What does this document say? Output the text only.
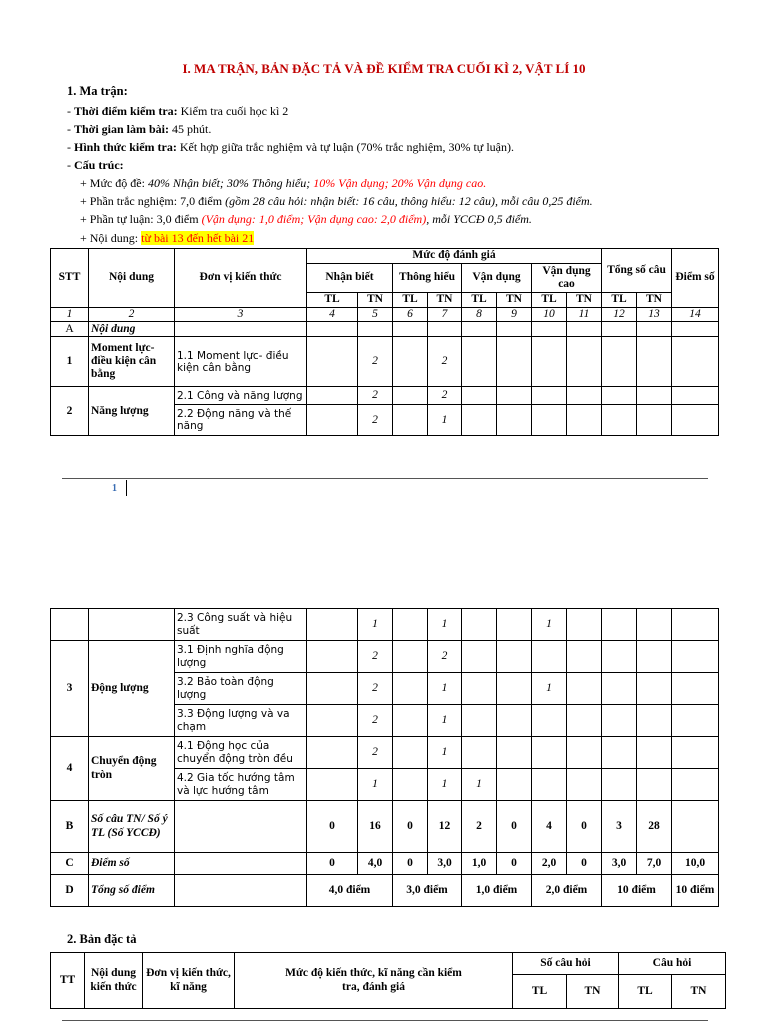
I. MA TRẬN, BẢN ĐẶC TẢ VÀ ĐỀ KIỂM TRA CUỐI KÌ 2, VẬT LÍ 10
1. Ma trận:
- Thời điểm kiểm tra: Kiểm tra cuối học kì 2
- Thời gian làm bài: 45 phút.
- Hình thức kiểm tra: Kết hợp giữa trắc nghiệm và tự luận (70% trắc nghiệm, 30% tự luận).
- Cấu trúc:
+ Mức độ đề: 40% Nhận biết; 30% Thông hiểu; 10% Vận dụng; 20% Vận dụng cao.
+ Phần trắc nghiệm: 7,0 điểm (gồm 28 câu hỏi: nhận biết: 16 câu, thông hiểu: 12 câu), mỗi câu 0,25 điểm.
+ Phần tự luận: 3,0 điểm (Vận dụng: 1,0 điểm; Vận dụng cao: 2,0 điểm), mỗi YCCĐ 0,5 điểm.
+ Nội dung: từ bài 13 đến hết bài 21
STT	Nội dung	Đơn vị kiến thức	Mức độ đánh giá								Tổng số câu		Điểm số
			Nhận biết		Thông hiểu		Vận dụng		Vận dụng cao				
			TL	TN	TL	TN	TL	TN	TL	TN	TL	TN	
1	2	3	4	5	6	7	8	9	10	11	12	13	14
A	Nội dung												
1	Moment lực- điều kiện cân bằng	1.1 Moment lực- điều kiện cân bằng		2		2							
2	Năng lượng	2.1 Công và năng lượng		2		2							
		2.2 Động năng và thế năng		2		1							
1
		2.3 Công suất và hiệu suất		1		1			1				
3	Động lượng	3.1 Định nghĩa động lượng		2		2							
		3.2 Bảo toàn động lượng		2		1			1				
		3.3 Động lượng và va chạm		2		1							
4	Chuyển động tròn	4.1 Động học của chuyển động tròn đều		2		1							
		4.2 Gia tốc hướng tâm và lực hướng tâm		1		1	1						
B	Số câu TN/ Số ý TL (Số YCCĐ)		0	16	0	12	2	0	4	0	3	28	
C	Điểm số		0	4,0	0	3,0	1,0	0	2,0	0	3,0	7,0	10,0
D	Tổng số điểm		4,0 điểm		3,0 điểm		1,0 điểm		2,0 điểm		10 điểm		10 điểm
2. Bản đặc tả
TT	Nội dung kiến thức	Đơn vị kiến thức, kĩ năng	Mức độ kiến thức, kĩ năng cần kiểm tra, đánh giá	Số câu hỏi		Câu hỏi	
				TL	TN	TL	TN
